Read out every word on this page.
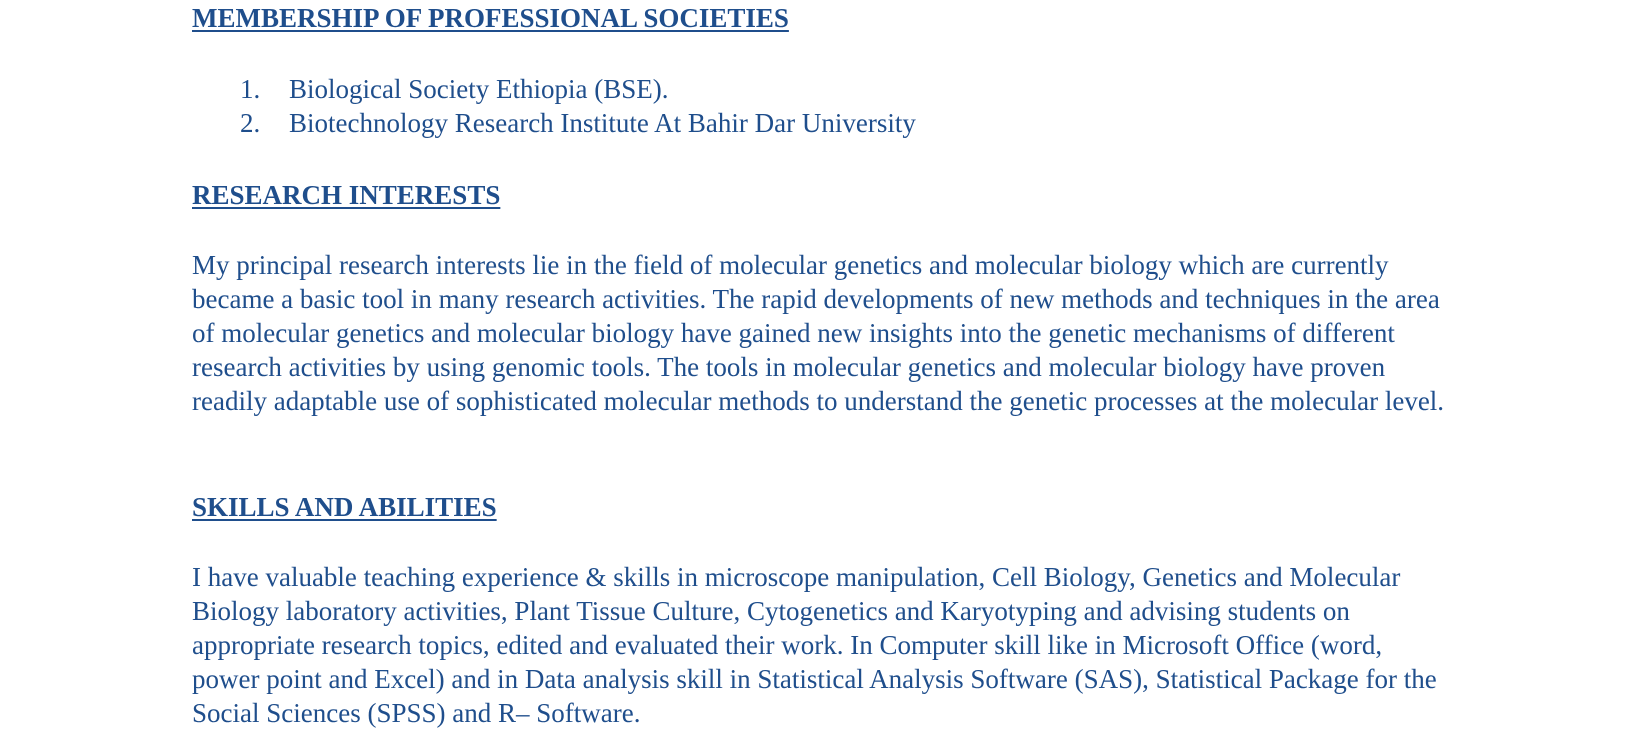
MEMBERSHIP OF PROFESSIONAL SOCIETIES
1. Biological Society Ethiopia (BSE).
2. Biotechnology Research Institute At Bahir Dar University
RESEARCH INTERESTS

My principal research interests lie in the field of molecular genetics and molecular biology which are currently became a basic tool in many research activities. The rapid developments of new methods and techniques in the area of molecular genetics and molecular biology have gained new insights into the genetic mechanisms of different research activities by using genomic tools. The tools in molecular genetics and molecular biology have proven readily adaptable use of sophisticated molecular methods to understand the genetic processes at the molecular level.

SKILLS AND ABILITIES

I have valuable teaching experience & skills in microscope manipulation, Cell Biology, Genetics and Molecular Biology laboratory activities, Plant Tissue Culture, Cytogenetics and Karyotyping and advising students on appropriate research topics, edited and evaluated their work. In Computer skill like in Microsoft Office (word, power point and Excel) and in Data analysis skill in Statistical Analysis Software (SAS), Statistical Package for the Social Sciences (SPSS) and R– Software.
